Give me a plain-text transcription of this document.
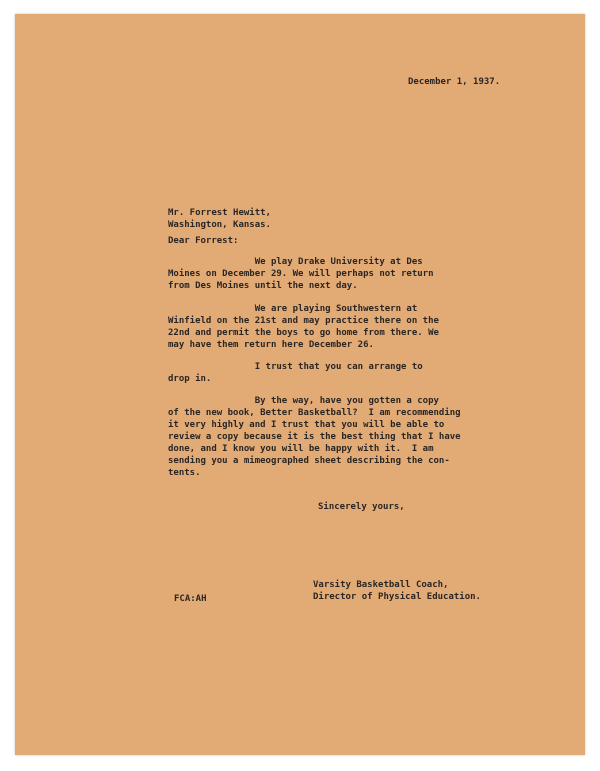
December 1, 1937.
Mr. Forrest Hewitt,
Washington, Kansas.
Dear Forrest:
We play Drake University at Des
Moines on December 29. We will perhaps not return
from Des Moines until the next day.
We are playing Southwestern at
Winfield on the 21st and may practice there on the
22nd and permit the boys to go home from there. We
may have them return here December 26.
I trust that you can arrange to
drop in.
By the way, have you gotten a copy
of the new book, Better Basketball?  I am recommending
it very highly and I trust that you will be able to
review a copy because it is the best thing that I have
done, and I know you will be happy with it.  I am
sending you a mimeographed sheet describing the con-
tents.
Sincerely yours,
Varsity Basketball Coach,
Director of Physical Education.
FCA:AH
